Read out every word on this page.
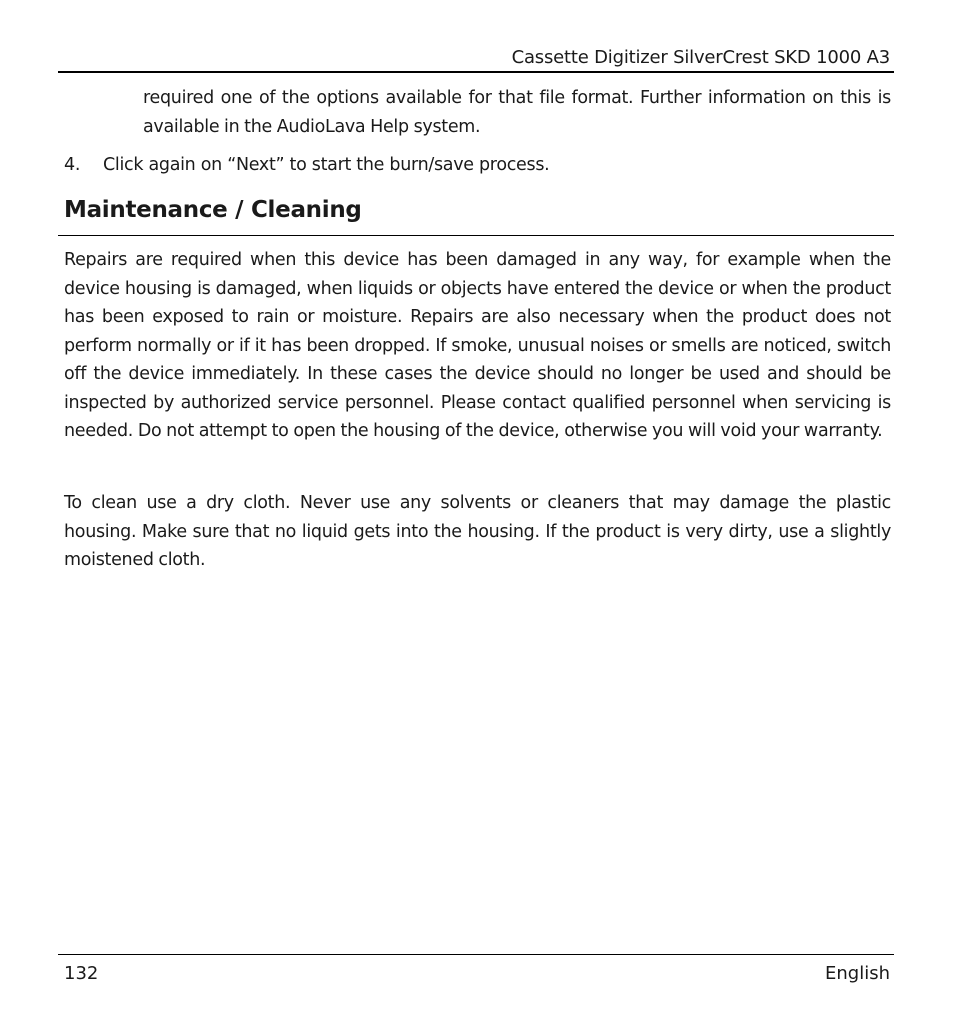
Cassette Digitizer SilverCrest SKD 1000 A3
required one of the options available for that file format. Further information on this is available in the AudioLava Help system.
4. Click again on “Next” to start the burn/save process.
Maintenance / Cleaning
Repairs are required when this device has been damaged in any way, for example when the device housing is damaged, when liquids or objects have entered the device or when the product has been exposed to rain or moisture. Repairs are also necessary when the product does not perform normally or if it has been dropped. If smoke, unusual noises or smells are noticed, switch off the device immediately. In these cases the device should no longer be used and should be inspected by authorized service personnel. Please contact qualified personnel when servicing is needed. Do not attempt to open the housing of the device, otherwise you will void your warranty.
To clean use a dry cloth. Never use any solvents or cleaners that may damage the plastic housing. Make sure that no liquid gets into the housing. If the product is very dirty, use a slightly moistened cloth.
132	English
